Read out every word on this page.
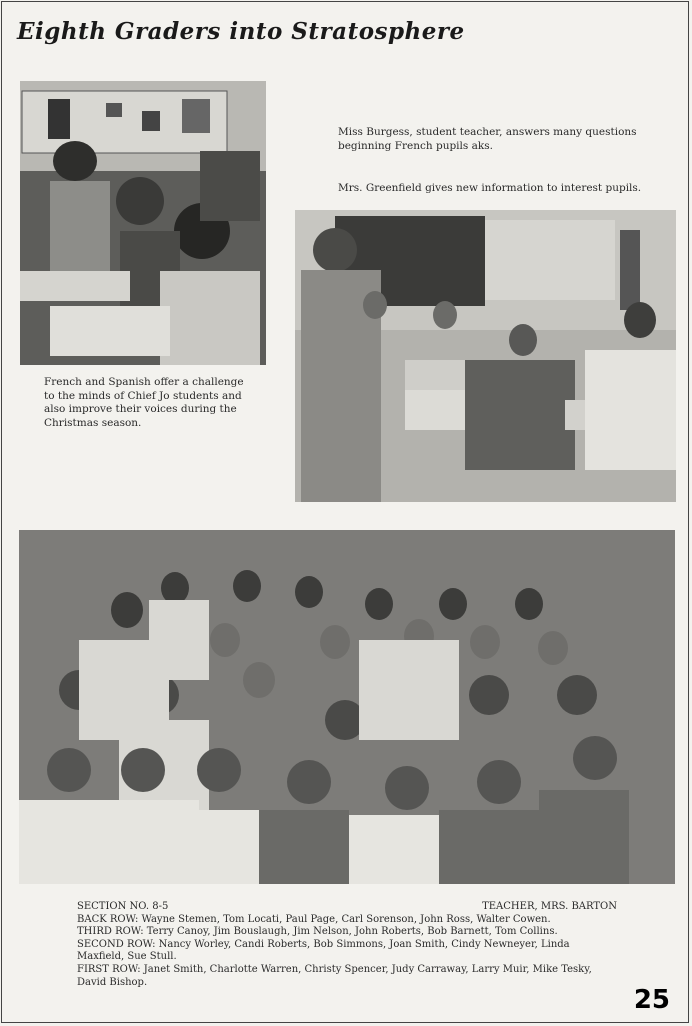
Eighth Graders into Stratosphere
Miss Burgess, student teacher, answers many questions beginning French pupils aks.
Mrs. Greenfield gives new information to interest pupils.
French and Spanish offer a challenge to the minds of Chief Jo students and also improve their voices during the Christmas season.
SECTION NO. 8-5	TEACHER, MRS. BARTON
BACK ROW: Wayne Stemen, Tom Locati, Paul Page, Carl Sorenson, John Ross, Walter Cowen.
THIRD ROW: Terry Canoy, Jim Bouslaugh, Jim Nelson, John Roberts, Bob Barnett, Tom Collins.
SECOND ROW: Nancy Worley, Candi Roberts, Bob Simmons, Joan Smith, Cindy Newneyer, Linda Maxfield, Sue Stull.
FIRST ROW: Janet Smith, Charlotte Warren, Christy Spencer, Judy Carraway, Larry Muir, Mike Tesky, David Bishop.
25
